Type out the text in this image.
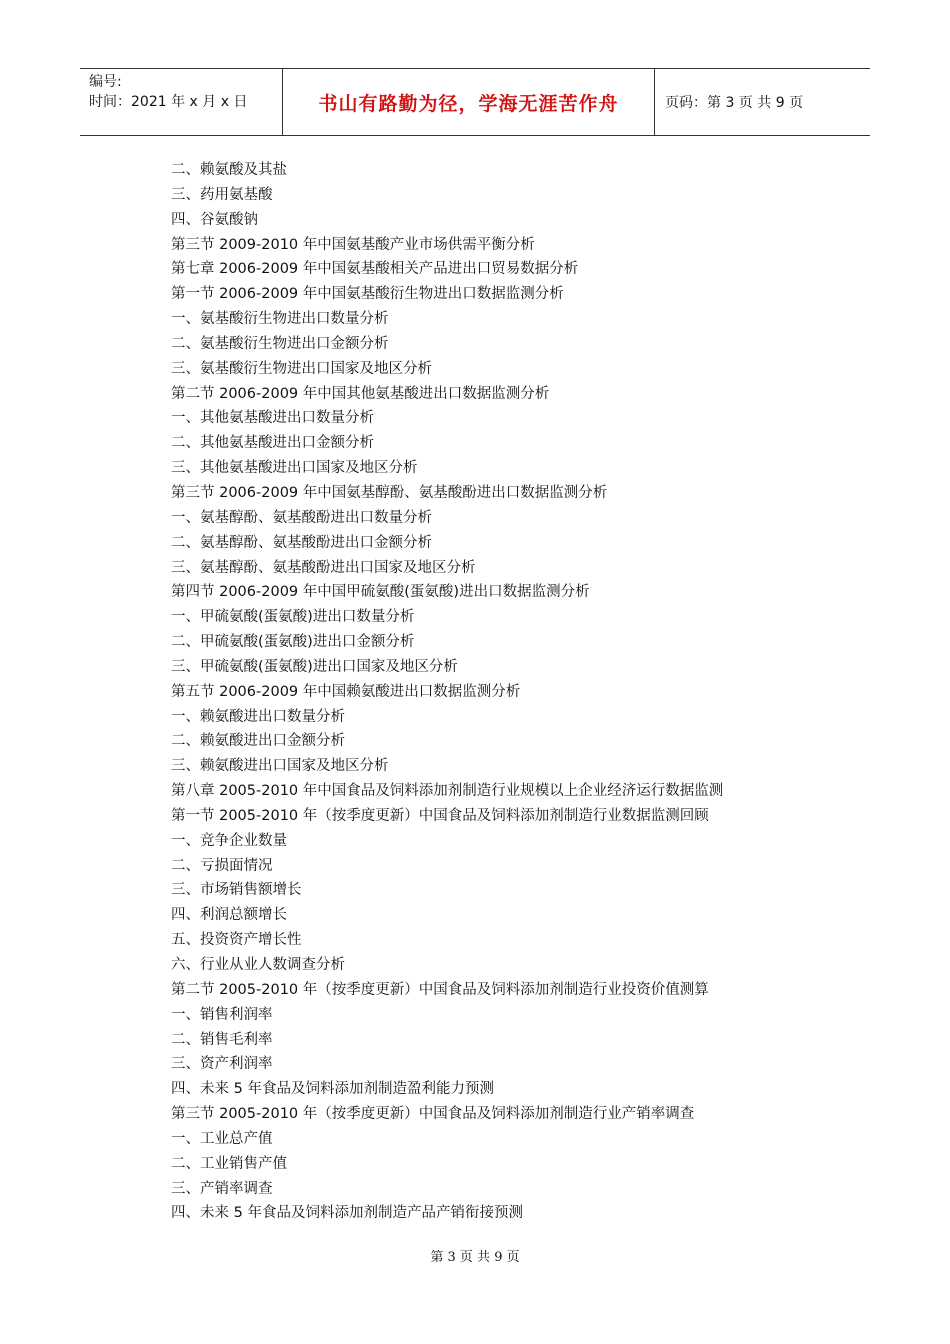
编号:
时间：2021 年 x 月 x 日	书山有路勤为径，学海无涯苦作舟	页码：第 3 页 共 9 页
二、赖氨酸及其盐
三、药用氨基酸
四、谷氨酸钠
第三节 2009-2010 年中国氨基酸产业市场供需平衡分析
第七章 2006-2009 年中国氨基酸相关产品进出口贸易数据分析
第一节 2006-2009 年中国氨基酸衍生物进出口数据监测分析
一、氨基酸衍生物进出口数量分析
二、氨基酸衍生物进出口金额分析
三、氨基酸衍生物进出口国家及地区分析
第二节 2006-2009 年中国其他氨基酸进出口数据监测分析
一、其他氨基酸进出口数量分析
二、其他氨基酸进出口金额分析
三、其他氨基酸进出口国家及地区分析
第三节 2006-2009 年中国氨基醇酚、氨基酸酚进出口数据监测分析
一、氨基醇酚、氨基酸酚进出口数量分析
二、氨基醇酚、氨基酸酚进出口金额分析
三、氨基醇酚、氨基酸酚进出口国家及地区分析
第四节 2006-2009 年中国甲硫氨酸(蛋氨酸)进出口数据监测分析
一、甲硫氨酸(蛋氨酸)进出口数量分析
二、甲硫氨酸(蛋氨酸)进出口金额分析
三、甲硫氨酸(蛋氨酸)进出口国家及地区分析
第五节 2006-2009 年中国赖氨酸进出口数据监测分析
一、赖氨酸进出口数量分析
二、赖氨酸进出口金额分析
三、赖氨酸进出口国家及地区分析
第八章 2005-2010 年中国食品及饲料添加剂制造行业规模以上企业经济运行数据监测
第一节 2005-2010 年（按季度更新）中国食品及饲料添加剂制造行业数据监测回顾
一、竞争企业数量
二、亏损面情况
三、市场销售额增长
四、利润总额增长
五、投资资产增长性
六、行业从业人数调查分析
第二节 2005-2010 年（按季度更新）中国食品及饲料添加剂制造行业投资价值测算
一、销售利润率
二、销售毛利率
三、资产利润率
四、未来 5 年食品及饲料添加剂制造盈利能力预测
第三节 2005-2010 年（按季度更新）中国食品及饲料添加剂制造行业产销率调查
一、工业总产值
二、工业销售产值
三、产销率调查
四、未来 5 年食品及饲料添加剂制造产品产销衔接预测
第 3 页 共 9 页
